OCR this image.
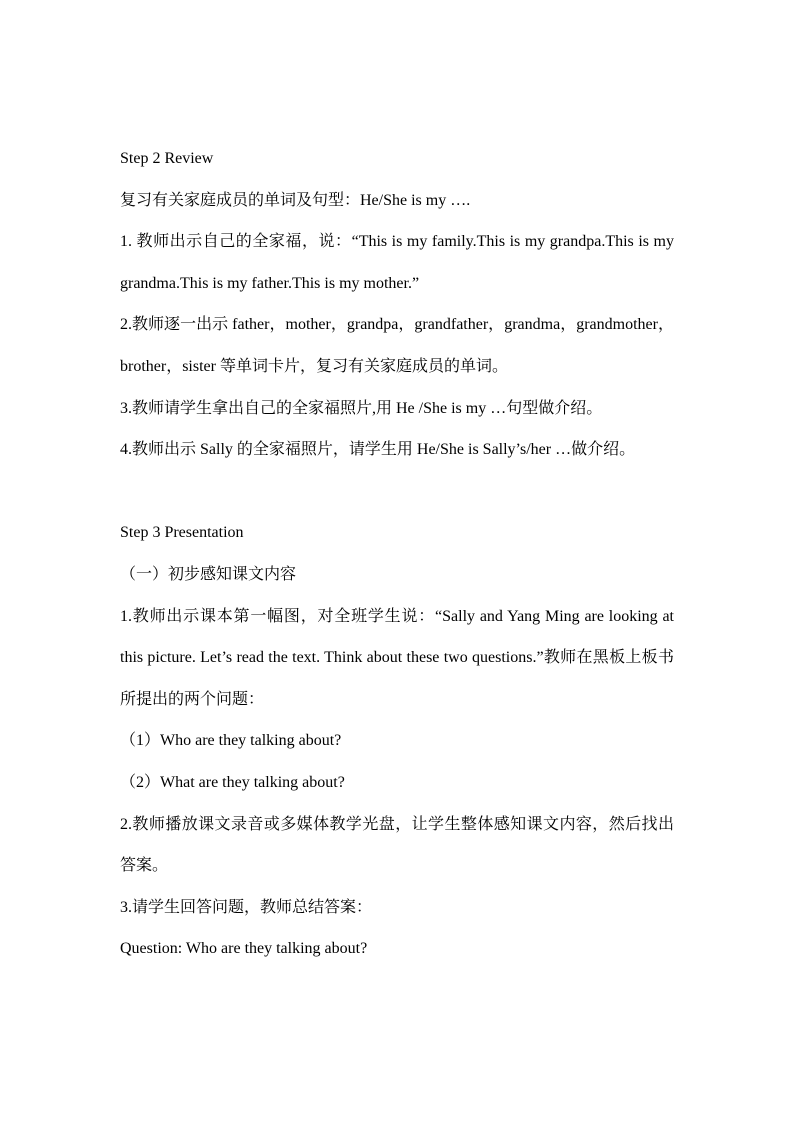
Step 2 Review

复习有关家庭成员的单词及句型：He/She is my ….

1. 教师出示自己的全家福，说：“This is my family.This is my grandpa.This is my grandma.This is my father.This is my mother.”

2.教师逐一出示 father，mother，grandpa，grandfather，grandma，grandmother，brother，sister 等单词卡片，复习有关家庭成员的单词。

3.教师请学生拿出自己的全家福照片,用 He /She is my …句型做介绍。

4.教师出示 Sally 的全家福照片，请学生用 He/She is Sally’s/her …做介绍。

Step 3 Presentation

（一）初步感知课文内容

1.教师出示课本第一幅图，对全班学生说：“Sally and Yang Ming are looking at this picture. Let’s read the text. Think about these two questions.”教师在黑板上板书所提出的两个问题：

（1）Who are they talking about?

（2）What are they talking about?

2.教师播放课文录音或多媒体教学光盘，让学生整体感知课文内容，然后找出答案。

3.请学生回答问题，教师总结答案：

Question: Who are they talking about?
